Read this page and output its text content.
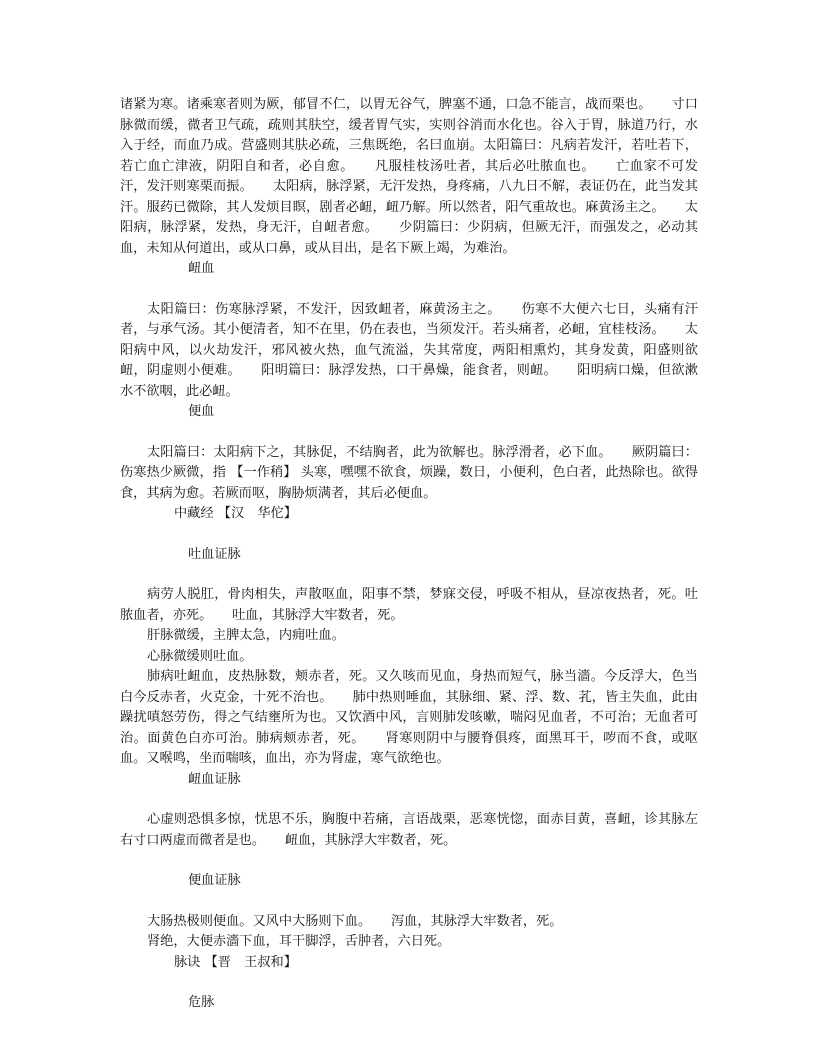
诸紧为寒。诸乘寒者则为厥，郁冒不仁，以胃无谷气，脾塞不通，口急不能言，战而栗也。　　寸口脉微而缓，微者卫气疏，疏则其肤空，缓者胃气实，实则谷消而水化也。谷入于胃，脉道乃行，水入于经，而血乃成。营盛则其肤必疏，三焦既绝，名曰血崩。太阳篇曰：凡病若发汗，若吐若下，若亡血亡津液，阴阳自和者，必自愈。　　凡服桂枝汤吐者，其后必吐脓血也。　　亡血家不可发汗，发汗则寒栗而振。　　太阳病，脉浮紧，无汗发热，身疼痛，八九日不解，表证仍在，此当发其汗。服药已微除，其人发烦目瞑，剧者必衄，衄乃解。所以然者，阳气重故也。麻黄汤主之。　　太阳病，脉浮紧，发热，身无汗，自衄者愈。　　少阴篇曰：少阴病，但厥无汗，而强发之，必动其血，未知从何道出，或从口鼻，或从目出，是名下厥上竭，为难治。

衄血

太阳篇曰：伤寒脉浮紧，不发汗，因致衄者，麻黄汤主之。　　伤寒不大便六七日，头痛有汗者，与承气汤。其小便清者，知不在里，仍在表也，当须发汗。若头痛者，必衄，宜桂枝汤。　　太阳病中风，以火劫发汗，邪风被火热，血气流溢，失其常度，两阳相熏灼，其身发黄，阳盛则欲衄，阴虚则小便难。　　阳明篇曰：脉浮发热，口干鼻燥，能食者，则衄。　　阳明病口燥，但欲漱水不欲咽，此必衄。

便血

太阳篇曰：太阳病下之，其脉促，不结胸者，此为欲解也。脉浮滑者，必下血。　　厥阴篇曰：伤寒热少厥微，指 【一作稍】 头寒，嘿嘿不欲食，烦躁，数日，小便利，色白者，此热除也。欲得食，其病为愈。若厥而呕，胸胁烦满者，其后必便血。

中藏经 【汉　华佗】

吐血证脉

病劳人脱肛，骨肉相失，声散呕血，阳事不禁，梦寐交侵，呼吸不相从，昼凉夜热者，死。吐脓血者，亦死。　　吐血，其脉浮大牢数者，死。

肝脉微缓，主脾太急，内痈吐血。

心脉微缓则吐血。

肺病吐衄血，皮热脉数，颊赤者，死。又久咳而见血，身热而短气，脉当濇。今反浮大，色当白今反赤者，火克金，十死不治也。　　肺中热则唾血，其脉细、紧、浮、数、芤，皆主失血，此由躁扰嗔怒劳伤，得之气结壅所为也。又饮酒中风，言则肺发咳嗽，喘闷见血者，不可治；无血者可治。面黄色白亦可治。肺病颊赤者，死。　　肾寒则阴中与腰脊俱疼，面黑耳干，哕而不食，或呕血。又喉鸣，坐而喘咳，血出，亦为肾虚，寒气欲绝也。

衄血证脉

心虚则恐惧多惊，忧思不乐，胸腹中若痛，言语战栗，恶寒恍惚，面赤目黄，喜衄，诊其脉左右寸口两虚而微者是也。　　衄血，其脉浮大牢数者，死。

便血证脉

大肠热极则便血。又风中大肠则下血。　　泻血，其脉浮大牢数者，死。

肾绝，大便赤濇下血，耳干脚浮，舌肿者，六日死。

脉诀 【晋　王叔和】

危脉
